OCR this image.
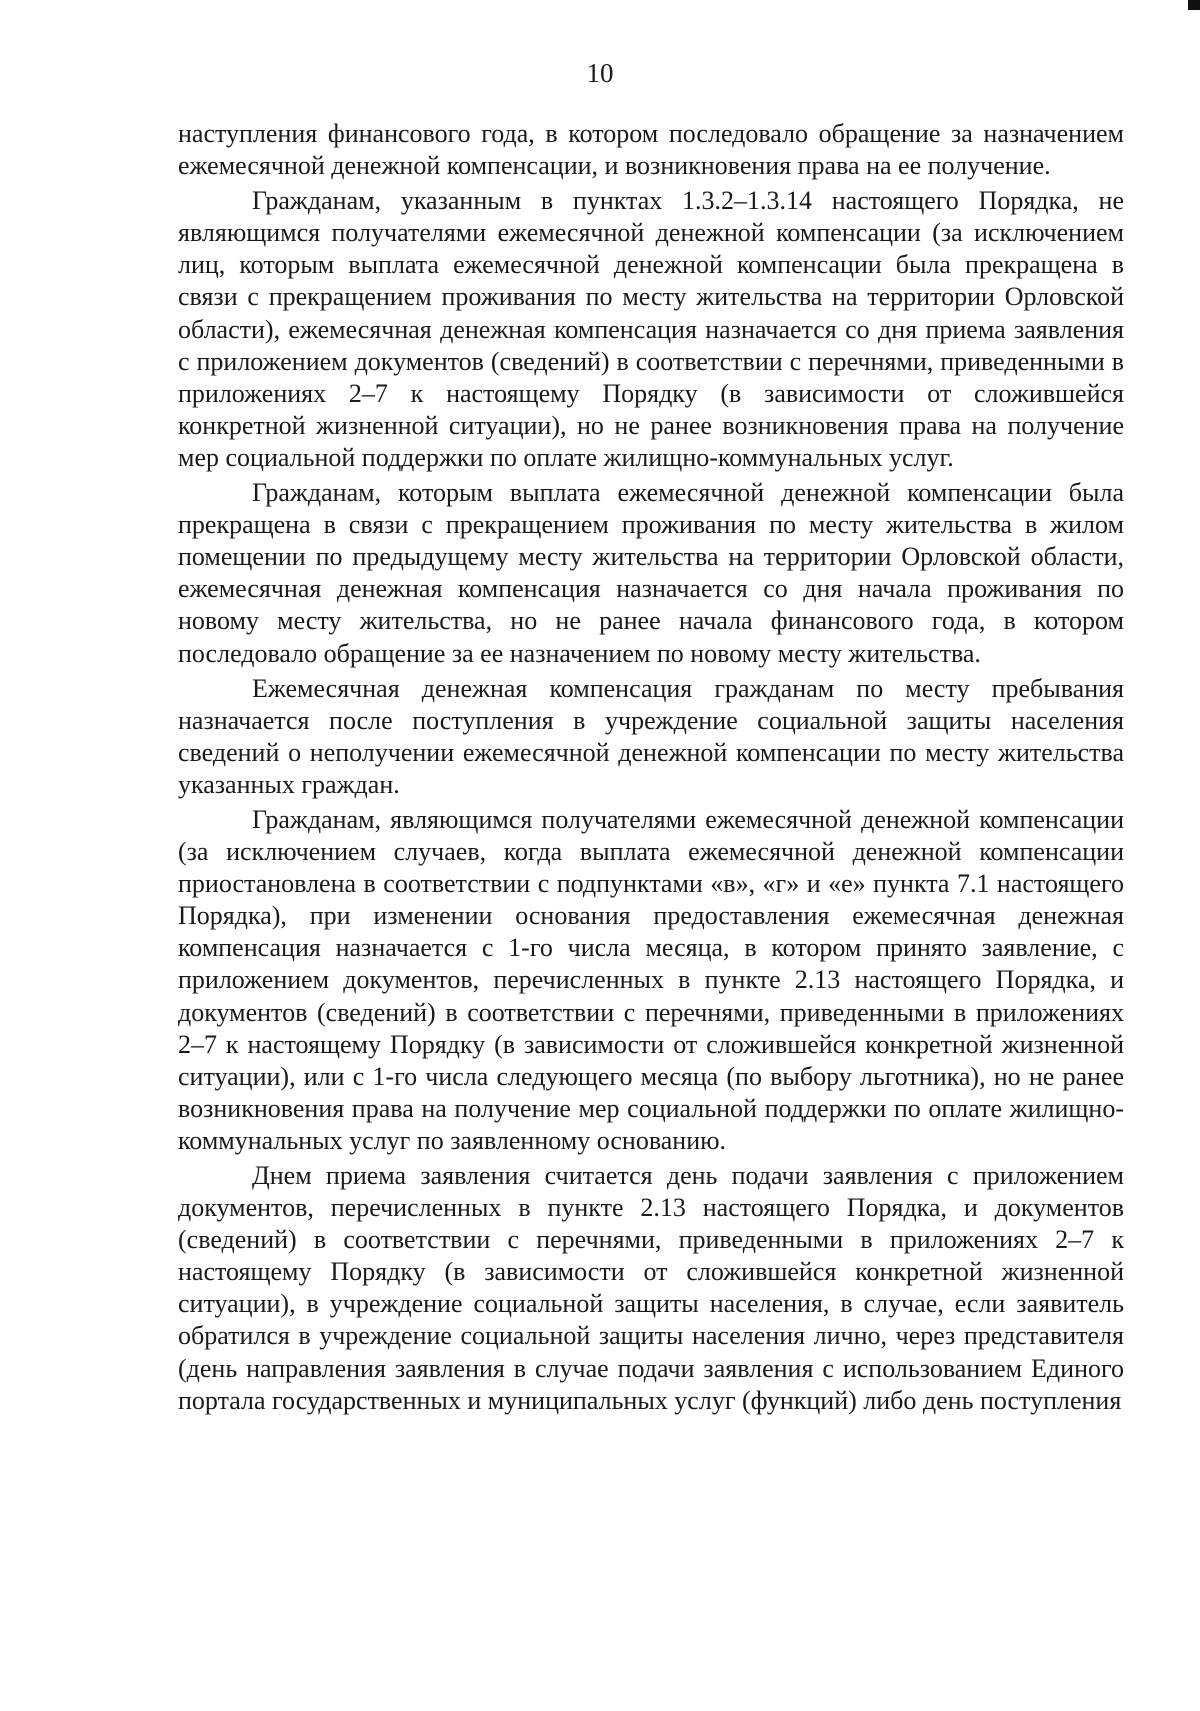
10

наступления финансового года, в котором последовало обращение за назначением ежемесячной денежной компенсации, и возникновения права на ее получение.

Гражданам, указанным в пунктах 1.3.2–1.3.14 настоящего Порядка, не являющимся получателями ежемесячной денежной компенсации (за исключением лиц, которым выплата ежемесячной денежной компенсации была прекращена в связи с прекращением проживания по месту жительства на территории Орловской области), ежемесячная денежная компенсация назначается со дня приема заявления с приложением документов (сведений) в соответствии с перечнями, приведенными в приложениях 2–7 к настоящему Порядку (в зависимости от сложившейся конкретной жизненной ситуации), но не ранее возникновения права на получение мер социальной поддержки по оплате жилищно-коммунальных услуг.

Гражданам, которым выплата ежемесячной денежной компенсации была прекращена в связи с прекращением проживания по месту жительства в жилом помещении по предыдущему месту жительства на территории Орловской области, ежемесячная денежная компенсация назначается со дня начала проживания по новому месту жительства, но не ранее начала финансового года, в котором последовало обращение за ее назначением по новому месту жительства.

Ежемесячная денежная компенсация гражданам по месту пребывания назначается после поступления в учреждение социальной защиты населения сведений о неполучении ежемесячной денежной компенсации по месту жительства указанных граждан.

Гражданам, являющимся получателями ежемесячной денежной компенсации (за исключением случаев, когда выплата ежемесячной денежной компенсации приостановлена в соответствии с подпунктами «в», «г» и «е» пункта 7.1 настоящего Порядка), при изменении основания предоставления ежемесячная денежная компенсация назначается с 1-го числа месяца, в котором принято заявление, с приложением документов, перечисленных в пункте 2.13 настоящего Порядка, и документов (сведений) в соответствии с перечнями, приведенными в приложениях 2–7 к настоящему Порядку (в зависимости от сложившейся конкретной жизненной ситуации), или с 1-го числа следующего месяца (по выбору льготника), но не ранее возникновения права на получение мер социальной поддержки по оплате жилищно-коммунальных услуг по заявленному основанию.

Днем приема заявления считается день подачи заявления с приложением документов, перечисленных в пункте 2.13 настоящего Порядка, и документов (сведений) в соответствии с перечнями, приведенными в приложениях 2–7 к настоящему Порядку (в зависимости от сложившейся конкретной жизненной ситуации), в учреждение социальной защиты населения, в случае, если заявитель обратился в учреждение социальной защиты населения лично, через представителя (день направления заявления в случае подачи заявления с использованием Единого портала государственных и муниципальных услуг (функций) либо день поступления
